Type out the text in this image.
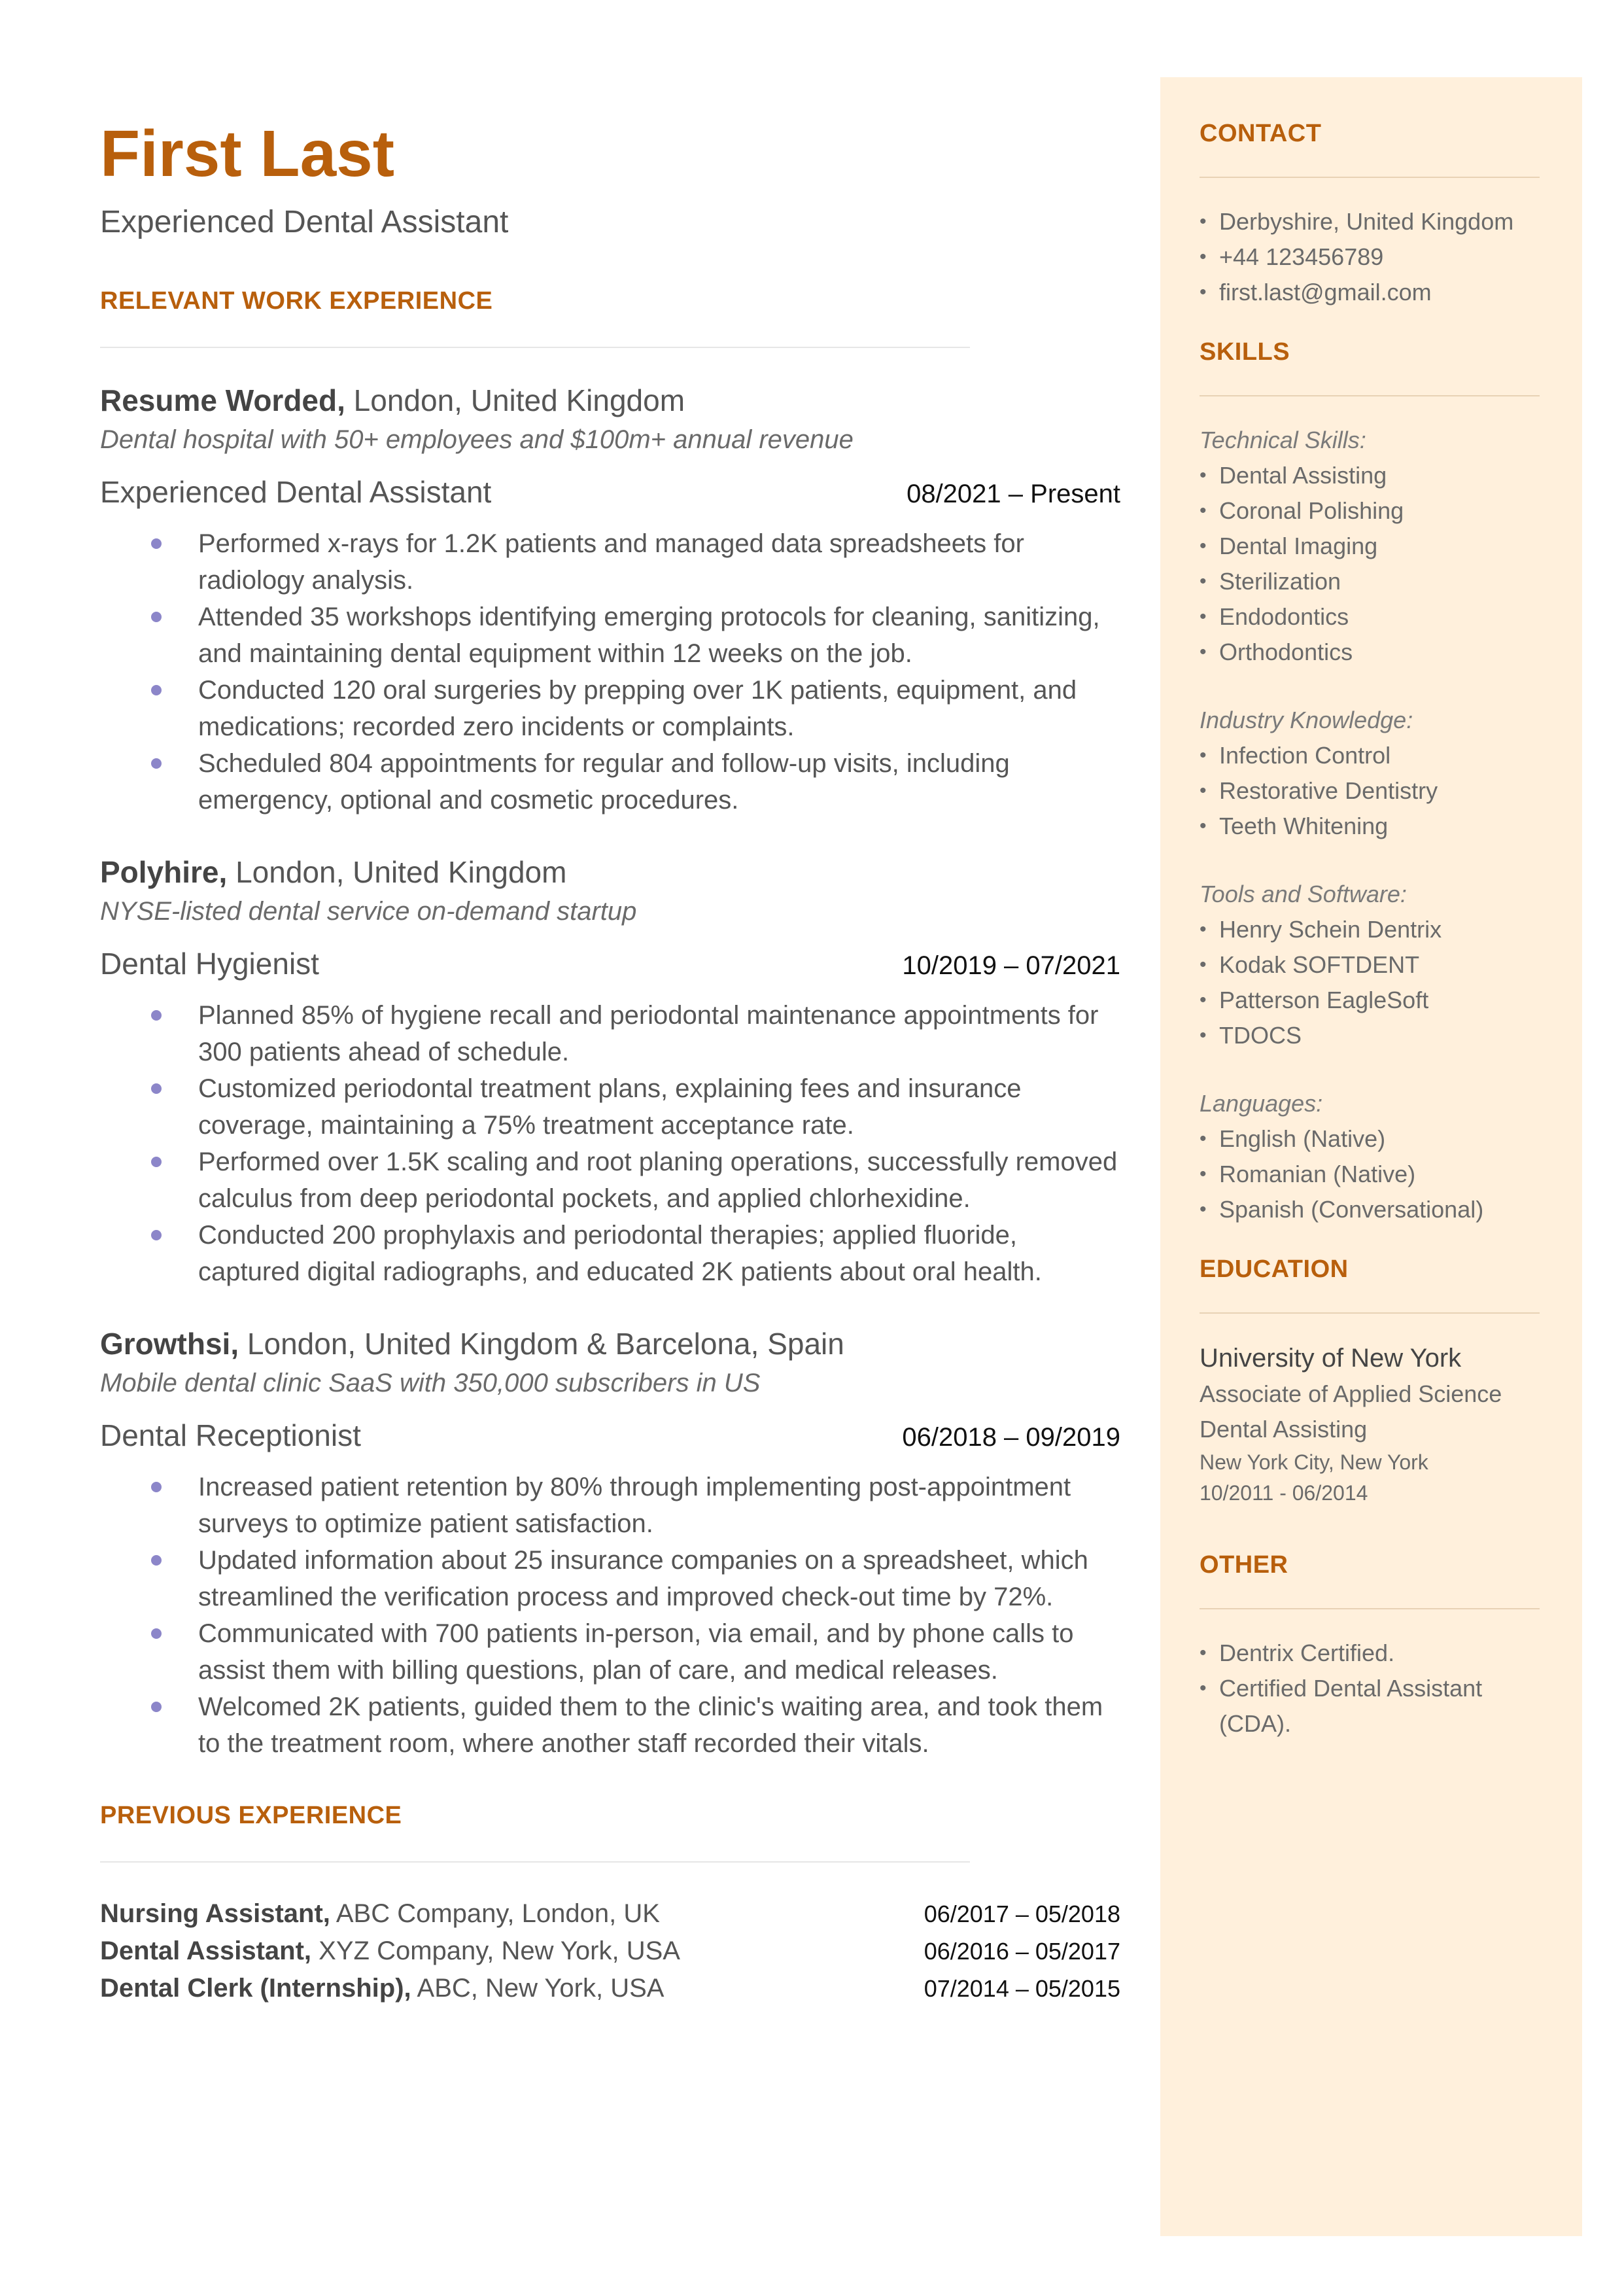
First Last

Experienced Dental Assistant

RELEVANT WORK EXPERIENCE
Resume Worded, London, United Kingdom
Dental hospital with 50+ employees and $100m+ annual revenue
Experienced Dental Assistant	08/2021 – Present
Performed x-rays for 1.2K patients and managed data spreadsheets for radiology analysis.
Attended 35 workshops identifying emerging protocols for cleaning, sanitizing, and maintaining dental equipment within 12 weeks on the job.
Conducted 120 oral surgeries by prepping over 1K patients, equipment, and medications; recorded zero incidents or complaints.
Scheduled 804 appointments for regular and follow-up visits, including emergency, optional and cosmetic procedures.
Polyhire, London, United Kingdom
NYSE-listed dental service on-demand startup
Dental Hygienist	10/2019 – 07/2021
Planned 85% of hygiene recall and periodontal maintenance appointments for 300 patients ahead of schedule.
Customized periodontal treatment plans, explaining fees and insurance coverage, maintaining a 75% treatment acceptance rate.
Performed over 1.5K scaling and root planing operations, successfully removed calculus from deep periodontal pockets, and applied chlorhexidine.
Conducted 200 prophylaxis and periodontal therapies; applied fluoride, captured digital radiographs, and educated 2K patients about oral health.
Growthsi, London, United Kingdom & Barcelona, Spain
Mobile dental clinic SaaS with 350,000 subscribers in US
Dental Receptionist	06/2018 – 09/2019
Increased patient retention by 80% through implementing post-appointment surveys to optimize patient satisfaction.
Updated information about 25 insurance companies on a spreadsheet, which streamlined the verification process and improved check-out time by 72%.
Communicated with 700 patients in-person, via email, and by phone calls to assist them with billing questions, plan of care, and medical releases.
Welcomed 2K patients, guided them to the clinic's waiting area, and took them to the treatment room, where another staff recorded their vitals.
PREVIOUS EXPERIENCE
Nursing Assistant, ABC Company, London, UK	06/2017 – 05/2018
Dental Assistant, XYZ Company, New York, USA	06/2016 – 05/2017
Dental Clerk (Internship), ABC, New York, USA	07/2014 – 05/2015
CONTACT
• Derbyshire, United Kingdom
• +44 123456789
• first.last@gmail.com
SKILLS
Technical Skills:
• Dental Assisting
• Coronal Polishing
• Dental Imaging
• Sterilization
• Endodontics
• Orthodontics
Industry Knowledge:
• Infection Control
• Restorative Dentistry
• Teeth Whitening
Tools and Software:
• Henry Schein Dentrix
• Kodak SOFTDENT
• Patterson EagleSoft
• TDOCS
Languages:
• English (Native)
• Romanian (Native)
• Spanish (Conversational)
EDUCATION
University of New York
Associate of Applied Science
Dental Assisting
New York City, New York
10/2011 - 06/2014
OTHER
• Dentrix Certified.
• Certified Dental Assistant (CDA).
